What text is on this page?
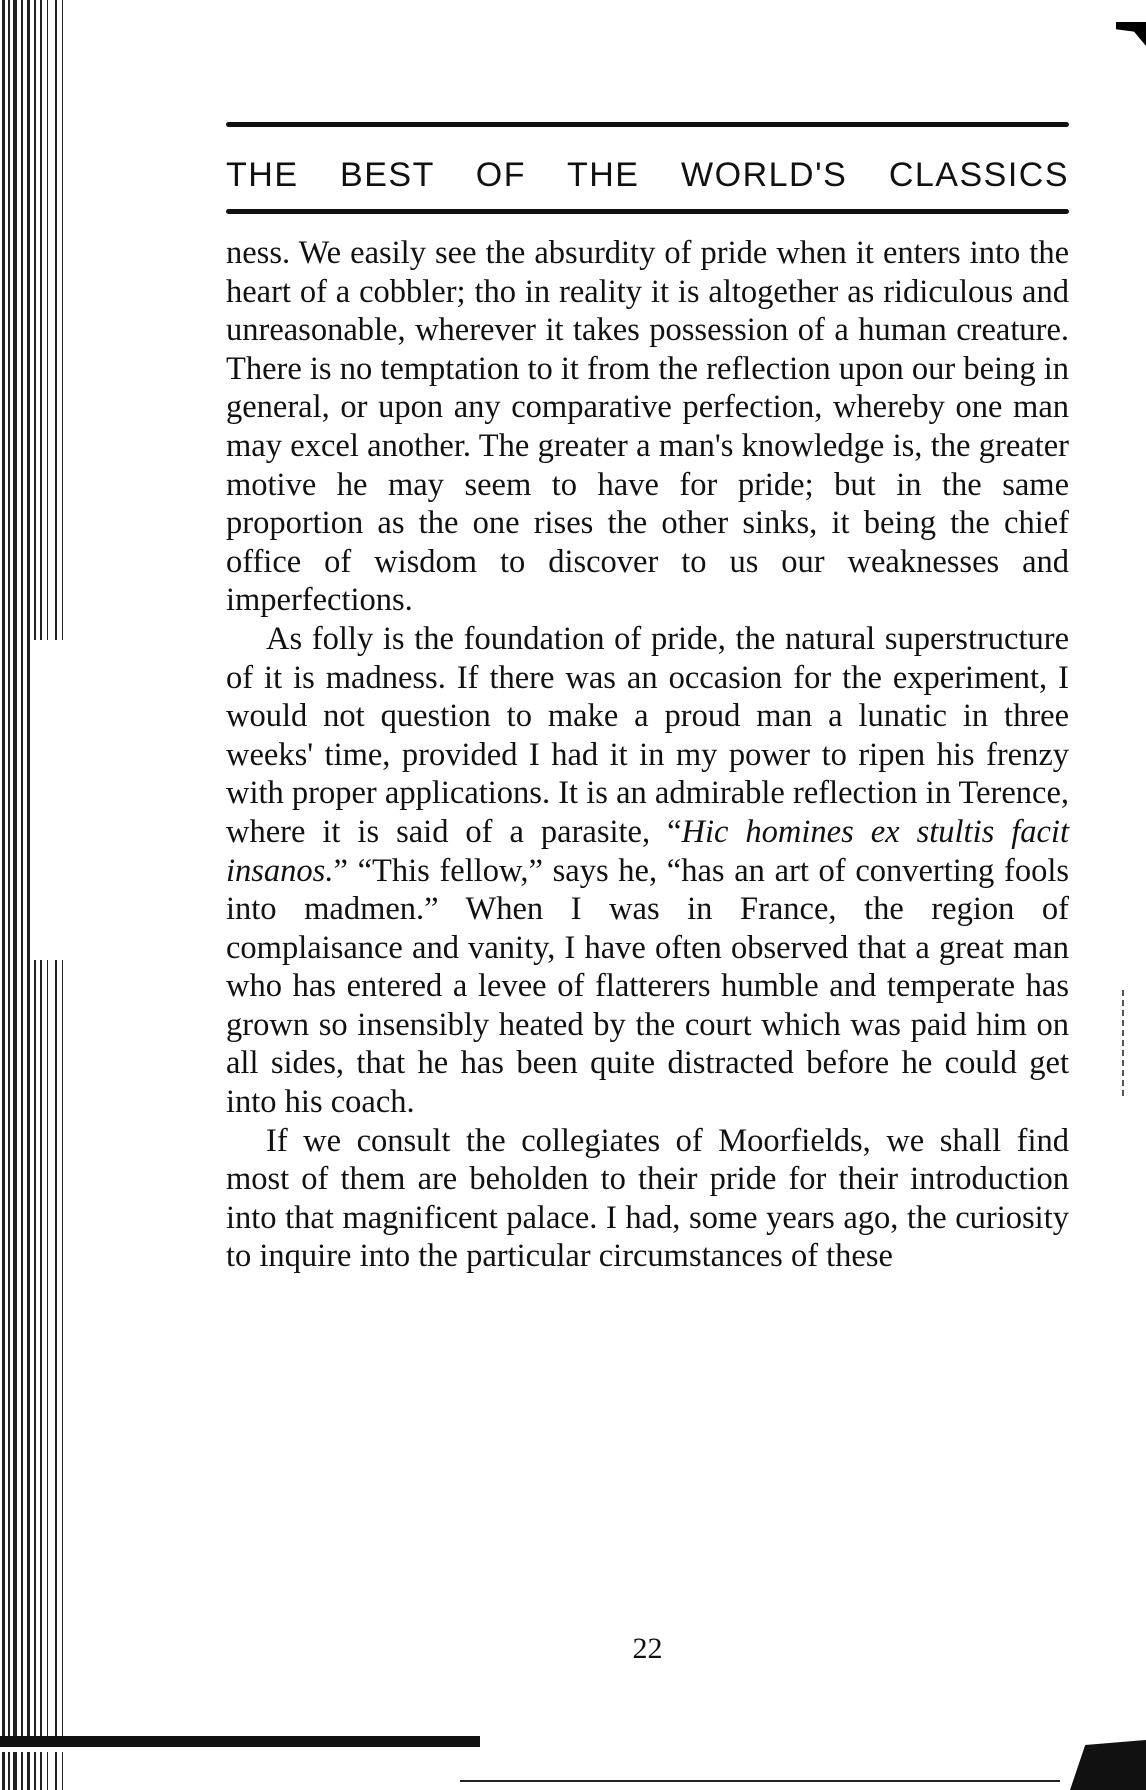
THE BEST OF THE WORLD'S CLASSICS

ness. We easily see the absurdity of pride when it enters into the heart of a cobbler; tho in reality it is altogether as ridiculous and unreasonable, wherever it takes possession of a human creature. There is no temptation to it from the reflection upon our being in general, or upon any comparative perfection, whereby one man may excel another. The greater a man's knowledge is, the greater motive he may seem to have for pride; but in the same proportion as the one rises the other sinks, it being the chief office of wisdom to discover to us our weaknesses and imperfections.

As folly is the foundation of pride, the natural superstructure of it is madness. If there was an occasion for the experiment, I would not question to make a proud man a lunatic in three weeks' time, provided I had it in my power to ripen his frenzy with proper applications. It is an admirable reflection in Terence, where it is said of a parasite, “Hic homines ex stultis facit insanos.” “This fellow,” says he, “has an art of converting fools into madmen.” When I was in France, the region of complaisance and vanity, I have often observed that a great man who has entered a levee of flatterers humble and temperate has grown so insensibly heated by the court which was paid him on all sides, that he has been quite distracted before he could get into his coach.

If we consult the collegiates of Moorfields, we shall find most of them are beholden to their pride for their introduction into that magnificent palace. I had, some years ago, the curiosity to inquire into the particular circumstances of these

22
